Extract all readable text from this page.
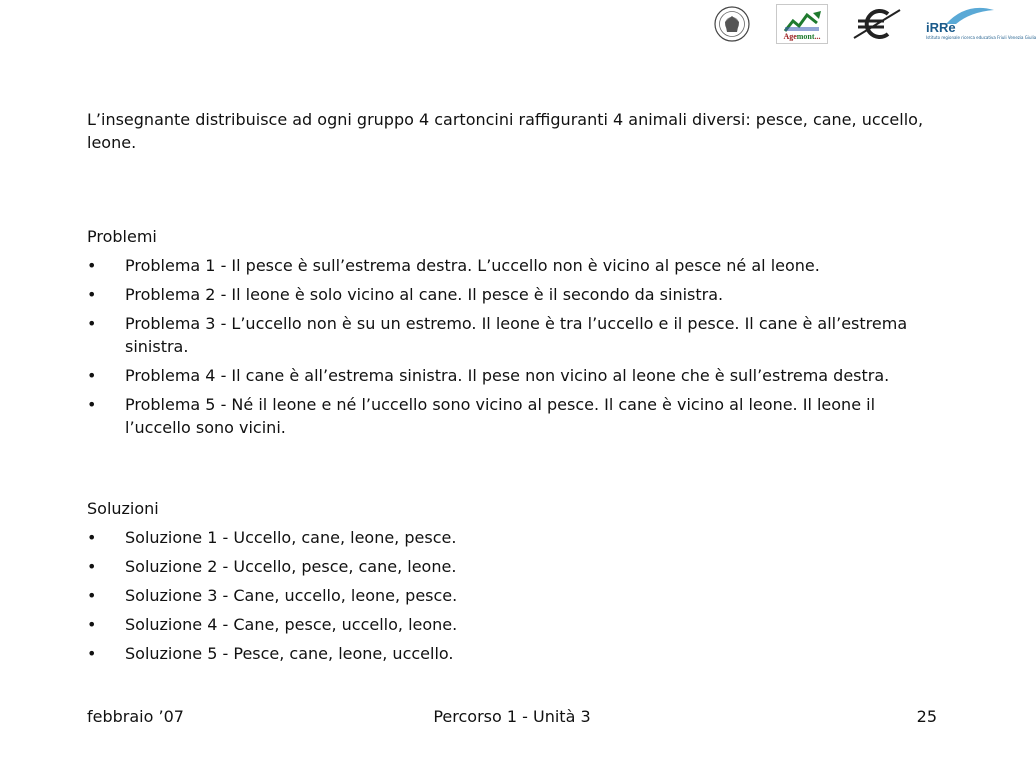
Agemont...
iRRe
Istituto regionale ricerca educativa Friuli Venezia Giulia

L’insegnante distribuisce ad ogni gruppo 4 cartoncini raffiguranti 4 animali diversi: pesce, cane, uccello, leone.

Problemi

• Problema 1 - Il pesce è sull’estrema destra. L’uccello non è vicino al pesce né al leone.
• Problema 2 - Il leone è solo vicino al cane. Il pesce è il secondo da sinistra.
• Problema 3 - L’uccello non è su un estremo. Il leone è tra l’uccello e il pesce. Il cane è all’estrema sinistra.
• Problema 4 - Il cane è all’estrema sinistra. Il pese non vicino al leone che è sull’estrema destra.
• Problema 5 - Né il leone e né l’uccello sono vicino al pesce. Il cane è vicino al leone. Il leone il l’uccello sono vicini.

Soluzioni

• Soluzione 1 - Uccello, cane, leone, pesce.
• Soluzione 2 - Uccello, pesce, cane, leone.
• Soluzione 3 - Cane, uccello, leone, pesce.
• Soluzione 4 - Cane, pesce, uccello, leone.
• Soluzione 5 - Pesce, cane, leone, uccello.
febbraio ’07	Percorso 1 - Unità 3	25
